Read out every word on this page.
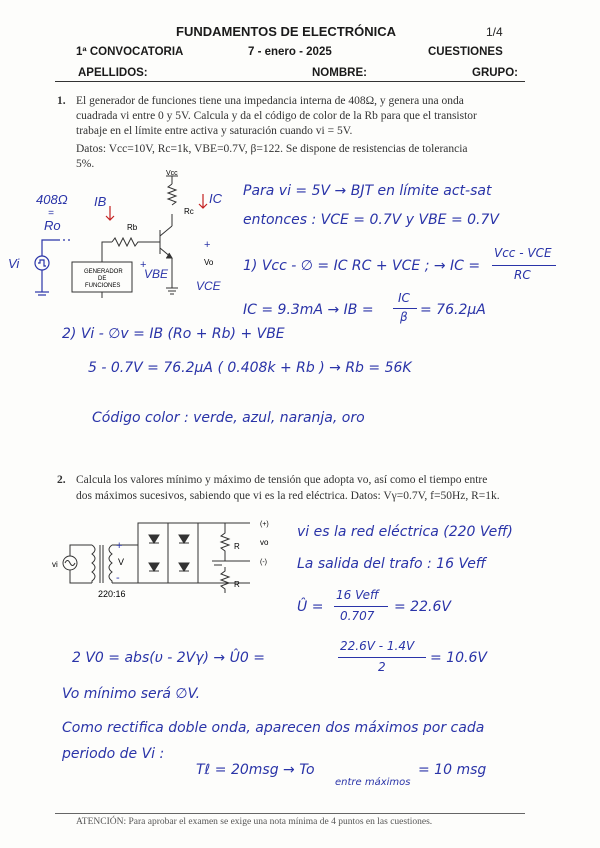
FUNDAMENTOS DE ELECTRÓNICA	1/4
1ª CONVOCATORIA	7 - enero - 2025	CUESTIONES
APELLIDOS:	NOMBRE:	GRUPO:
1. El generador de funciones tiene una impedancia interna de 408Ω, y genera una onda
cuadrada vi entre 0 y 5V. Calcula y da el código de color de la Rb para que el transistor
trabaje en el límite entre activa y saturación cuando vi = 5V.
Datos: Vcc=10V, Rc=1k, VBE=0.7V, β=122. Se dispone de resistencias de tolerancia
5%.
Vcc
Rc
Rb
Vo
GENERADOR
DE
FUNCIONES
IB	IC
408Ω
=
Ro
Vi
VBE
VCE
+
+
Para vi = 5V → BJT en límite act-sat
entonces : VCE = 0.7V y VBE = 0.7V
1) Vcc - ∅ = IC RC + VCE ; → IC =
Vcc - VCE
RC
IC = 9.3mA → IB =
IC
β = 76.2μA
2) Vi - ∅v = IB (Ro + Rb) + VBE
5 - 0.7V = 76.2μA ( 0.408k + Rb ) → Rb = 56K
Código color : verde, azul, naranja, oro
2. Calcula los valores mínimo y máximo de tensión que adopta vo, así como el tiempo entre
dos máximos sucesivos, sabiendo que vi es la red eléctrica. Datos: Vγ=0.7V, f=50Hz, R=1k.
vi	V
220:16
R
R
(+)
(-)
vo
+
-
vi es la red eléctrica (220 Veff)
La salida del trafo : 16 Veff
Û =
16 Veff
0.707
= 22.6V
2 V0 = abs(υ - 2Vγ) → Û0 =
22.6V - 1.4V
2
= 10.6V
Vo mínimo será ∅V.
Como rectifica doble onda, aparecen dos máximos por cada
periodo de Vi :
Tℓ = 20msg → To
entre máximos
= 10 msg
ATENCIÓN: Para aprobar el examen se exige una nota mínima de 4 puntos en las cuestiones.
